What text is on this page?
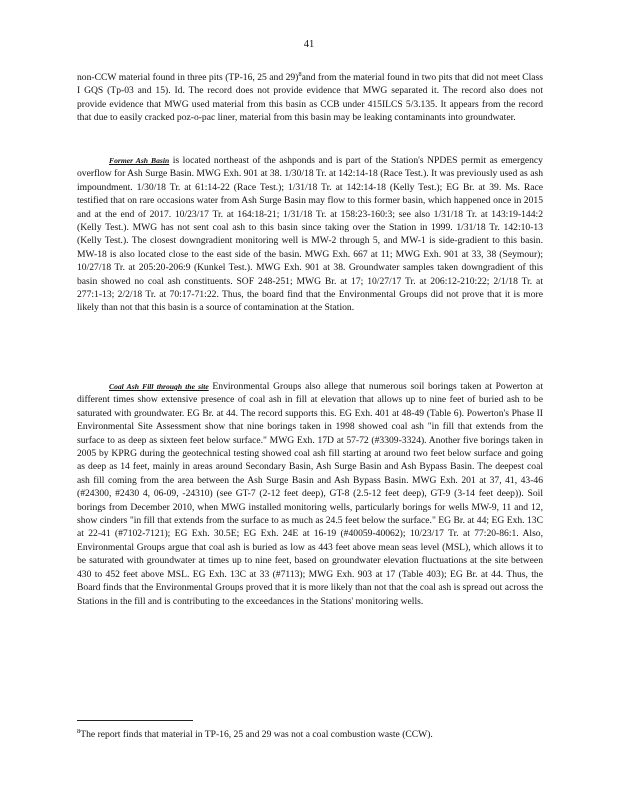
41

non-CCW material found in three pits (TP-16, 25 and 29)$^8$and from the material found in two pits that did not meet Class I GQS (Tp-03 and 15). Id. The record does not provide evidence that MWG separated it. The record also does not provide evidence that MWG used material from this basin as CCB under 415ILCS 5/3.135. It appears from the record that due to easily cracked poz-o-pac liner, material from this basin may be leaking contaminants into groundwater.

Former Ash Basin is located northeast of the ashponds and is part of the Station's NPDES permit as emergency overflow for Ash Surge Basin. MWG Exh. 901 at 38. 1/30/18 Tr. at 142:14-18 (Race Test.). It was previously used as ash impoundment. 1/30/18 Tr. at 61:14-22 (Race Test.); 1/31/18 Tr. at 142:14-18 (Kelly Test.); EG Br. at 39. Ms. Race testified that on rare occasions water from Ash Surge Basin may flow to this former basin, which happened once in 2015 and at the end of 2017. 10/23/17 Tr. at 164:18-21; 1/31/18 Tr. at 158:23-160:3; see also 1/31/18 Tr. at 143:19-144:2 (Kelly Test.). MWG has not sent coal ash to this basin since taking over the Station in 1999. 1/31/18 Tr. 142:10-13 (Kelly Test.). The closest downgradient monitoring well is MW-2 through 5, and MW-1 is side-gradient to this basin. MW-18 is also located close to the east side of the basin. MWG Exh. 667 at 11; MWG Exh. 901 at 33, 38 (Seymour); 10/27/18 Tr. at 205:20-206:9 (Kunkel Test.). MWG Exh. 901 at 38. Groundwater samples taken downgradient of this basin showed no coal ash constituents. SOF 248-251; MWG Br. at 17; 10/27/17 Tr. at 206:12-210:22; 2/1/18 Tr. at 277:1-13; 2/2/18 Tr. at 70:17-71:22. Thus, the board find that the Environmental Groups did not prove that it is more likely than not that this basin is a source of contamination at the Station.

Coal Ash Fill through the site Environmental Groups also allege that numerous soil borings taken at Powerton at different times show extensive presence of coal ash in fill at elevation that allows up to nine feet of buried ash to be saturated with groundwater. EG Br. at 44. The record supports this. EG Exh. 401 at 48-49 (Table 6). Powerton's Phase II Environmental Site Assessment show that nine borings taken in 1998 showed coal ash "in fill that extends from the surface to as deep as sixteen feet below surface." MWG Exh. 17D at 57-72 (#3309-3324). Another five borings taken in 2005 by KPRG during the geotechnical testing showed coal ash fill starting at around two feet below surface and going as deep as 14 feet, mainly in areas around Secondary Basin, Ash Surge Basin and Ash Bypass Basin. The deepest coal ash fill coming from the area between the Ash Surge Basin and Ash Bypass Basin. MWG Exh. 201 at 37, 41, 43-46 (#24300, #2430 4, 06-09, -24310) (see GT-7 (2-12 feet deep), GT-8 (2.5-12 feet deep), GT-9 (3-14 feet deep)). Soil borings from December 2010, when MWG installed monitoring wells, particularly borings for wells MW-9, 11 and 12, show cinders "in fill that extends from the surface to as much as 24.5 feet below the surface." EG Br. at 44; EG Exh. 13C at 22-41 (#7102-7121); EG Exh. 30.5E; EG Exh. 24E at 16-19 (#40059-40062); 10/23/17 Tr. at 77:20-86:1. Also, Environmental Groups argue that coal ash is buried as low as 443 feet above mean seas level (MSL), which allows it to be saturated with groundwater at times up to nine feet, based on groundwater elevation fluctuations at the site between 430 to 452 feet above MSL. EG Exh. 13C at 33 (#7113); MWG Exh. 903 at 17 (Table 403); EG Br. at 44. Thus, the Board finds that the Environmental Groups proved that it is more likely than not that the coal ash is spread out across the Stations in the fill and is contributing to the exceedances in the Stations' monitoring wells.

$^8$The report finds that material in TP-16, 25 and 29 was not a coal combustion waste (CCW).
